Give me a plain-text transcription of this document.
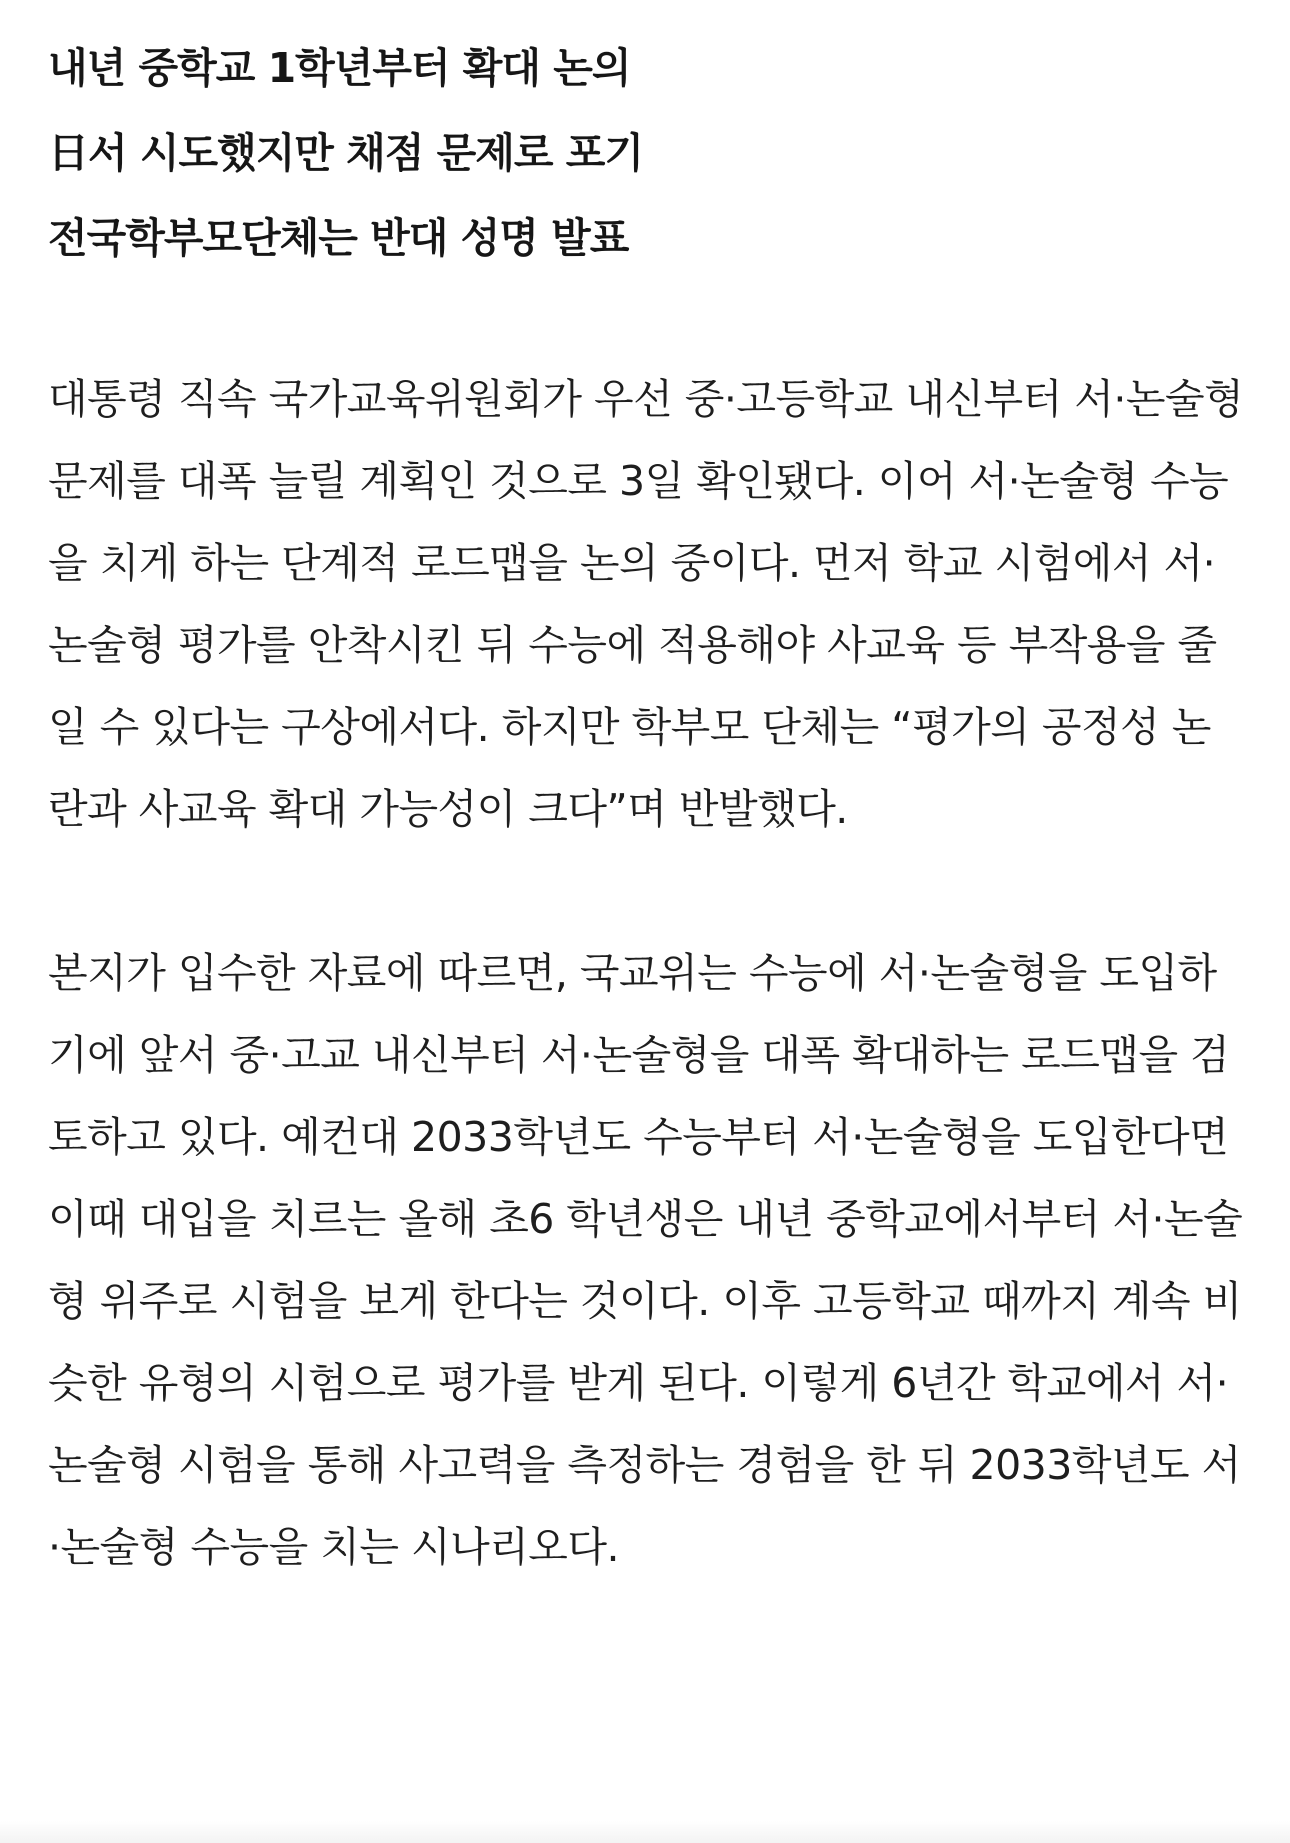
내년 중학교 1학년부터 확대 논의
日서 시도했지만 채점 문제로 포기
전국학부모단체는 반대 성명 발표

대통령 직속 국가교육위원회가 우선 중·고등학교 내신부터 서·논술형 문제를 대폭 늘릴 계획인 것으로 3일 확인됐다. 이어 서·논술형 수능을 치게 하는 단계적 로드맵을 논의 중이다. 먼저 학교 시험에서 서·논술형 평가를 안착시킨 뒤 수능에 적용해야 사교육 등 부작용을 줄일 수 있다는 구상에서다. 하지만 학부모 단체는 “평가의 공정성 논란과 사교육 확대 가능성이 크다”며 반발했다.

본지가 입수한 자료에 따르면, 국교위는 수능에 서·논술형을 도입하기에 앞서 중·고교 내신부터 서·논술형을 대폭 확대하는 로드맵을 검토하고 있다. 예컨대 2033학년도 수능부터 서·논술형을 도입한다면 이때 대입을 치르는 올해 초6 학년생은 내년 중학교에서부터 서·논술형 위주로 시험을 보게 한다는 것이다. 이후 고등학교 때까지 계속 비슷한 유형의 시험으로 평가를 받게 된다. 이렇게 6년간 학교에서 서·논술형 시험을 통해 사고력을 측정하는 경험을 한 뒤 2033학년도 서·논술형 수능을 치는 시나리오다.
